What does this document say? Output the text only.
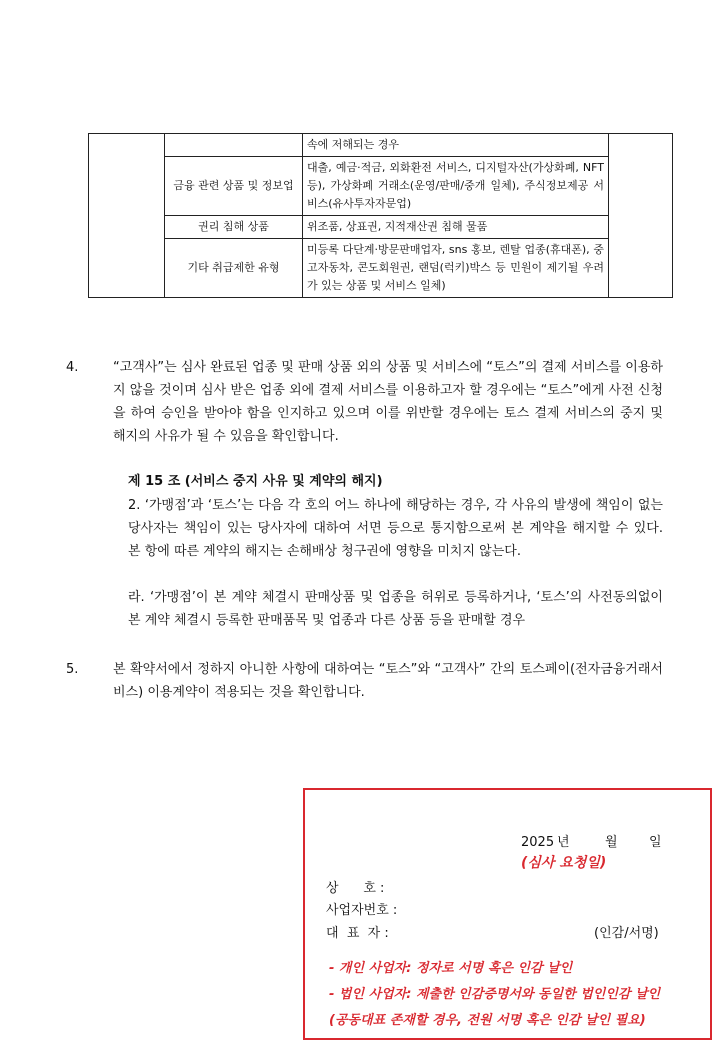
		속에 저해되는 경우	
	금융 관련 상품 및 정보업	대출, 예금·적금, 외화환전 서비스, 디지털자산(가상화폐, NFT 등), 가상화폐 거래소(운영/판매/중개 일체), 주식정보제공 서비스(유사투자자문업)	
	권리 침해 상품	위조품, 상표권, 지적재산권 침해 물품	
	기타 취급제한 유형	미등록 다단계·방문판매업자, sns 홍보, 렌탈 업종(휴대폰), 중고자동차, 콘도회원권, 랜덤(럭키)박스 등 민원이 제기될 우려가 있는 상품 및 서비스 일체)	
4.	“고객사”는 심사 완료된 업종 및 판매 상품 외의 상품 및 서비스에 “토스”의 결제 서비스를 이용하지 않을 것이며 심사 받은 업종 외에 결제 서비스를 이용하고자 할 경우에는 “토스”에게 사전 신청을 하여 승인을 받아야 함을 인지하고 있으며 이를 위반할 경우에는 토스 결제 서비스의 중지 및 해지의 사유가 될 수 있음을 확인합니다.
제 15 조 (서비스 중지 사유 및 계약의 해지)
2. ‘가맹점’과 ‘토스’는 다음 각 호의 어느 하나에 해당하는 경우, 각 사유의 발생에 책임이 없는 당사자는 책임이 있는 당사자에 대하여 서면 등으로 통지함으로써 본 계약을 해지할 수 있다. 본 항에 따른 계약의 해지는 손해배상 청구권에 영향을 미치지 않는다.
라. ‘가맹점’이 본 계약 체결시 판매상품 및 업종을 허위로 등록하거나, ‘토스’의 사전동의없이 본 계약 체결시 등록한 판매품목 및 업종과 다른 상품 등을 판매할 경우
5.	본 확약서에서 정하지 아니한 사항에 대하여는 “토스”와 “고객사” 간의 토스페이(전자금융거래서비스) 이용계약이 적용되는 것을 확인합니다.
2025 년	월 일
(심사 요청일)
상      호 :
사업자번호 :
대  표  자 :	(인감/서명)
- 개인 사업자: 정자로 서명 혹은 인감 날인
- 법인 사업자: 제출한 인감증명서와 동일한 법인인감 날인
(공동대표 존재할 경우, 전원 서명 혹은 인감 날인 필요)
